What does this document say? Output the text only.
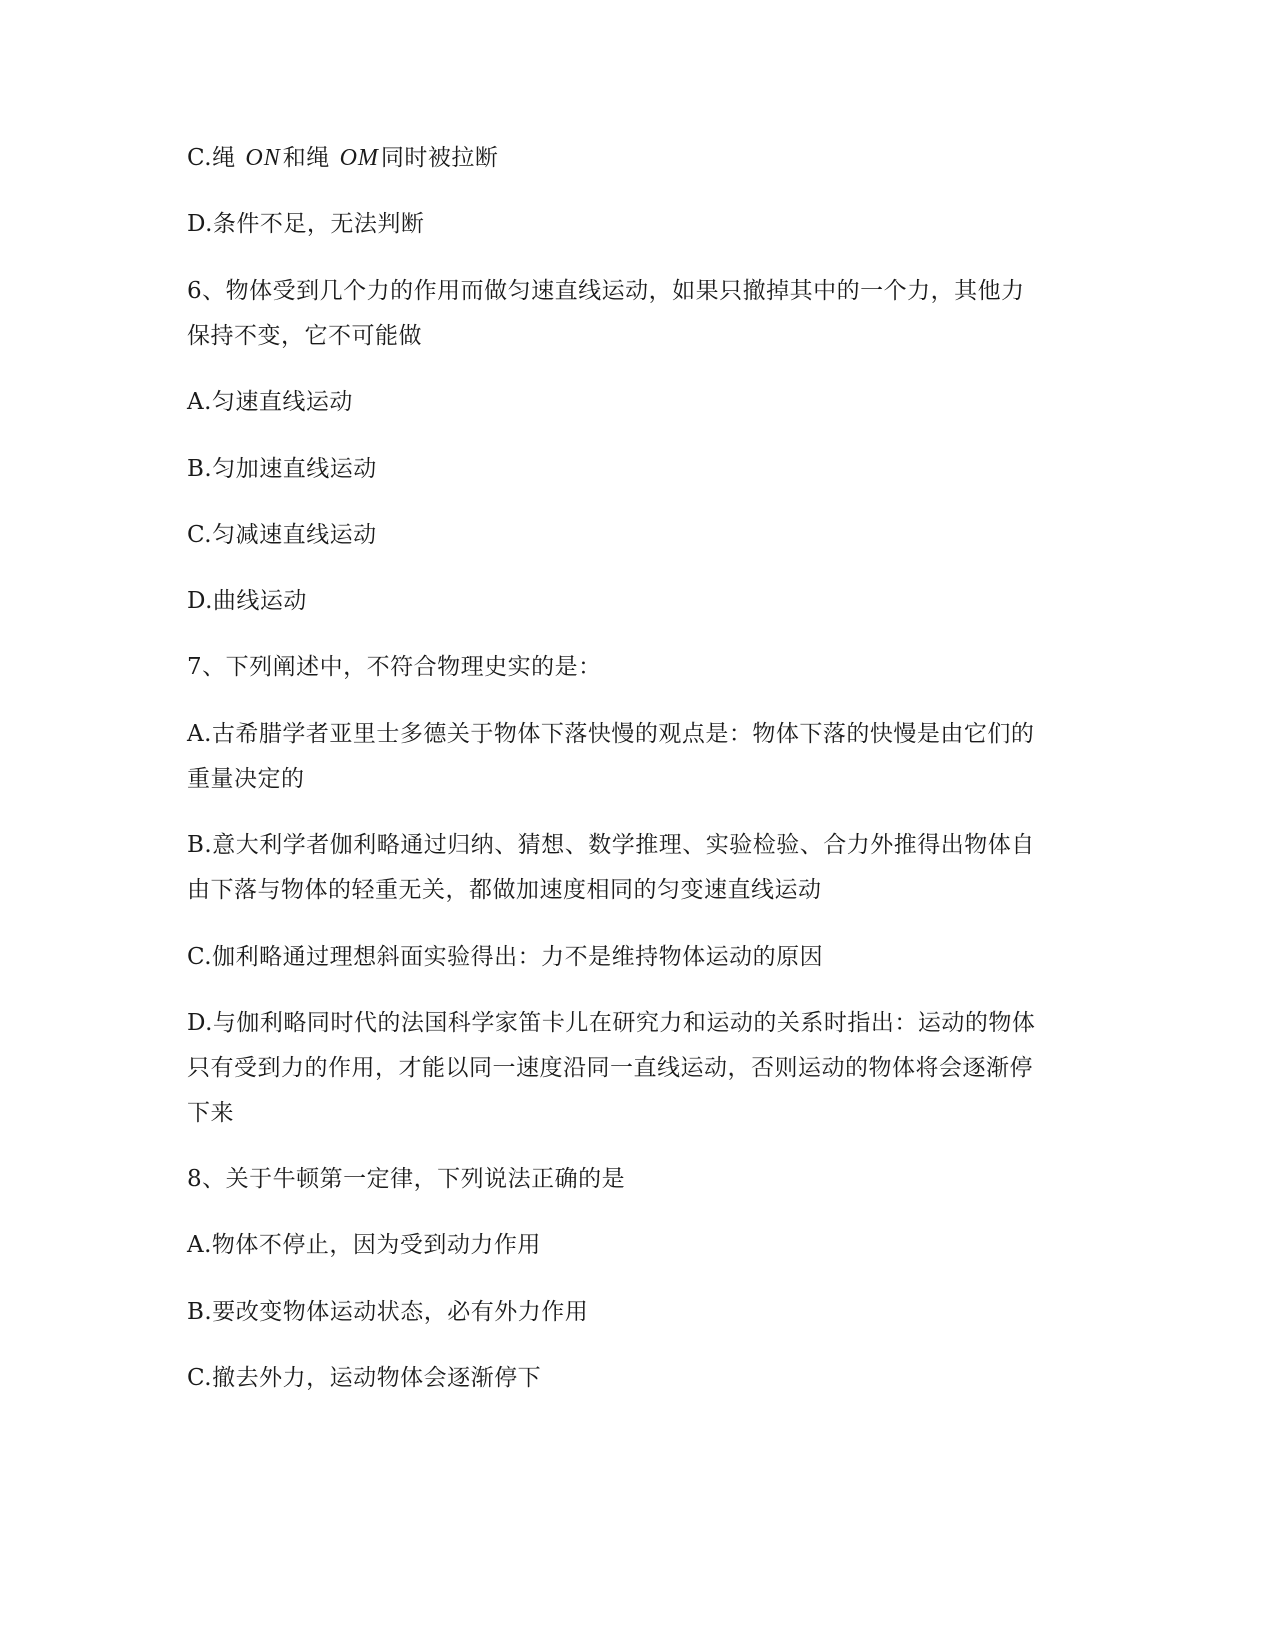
C.绳 ON和绳 OM同时被拉断
D.条件不足，无法判断
6、物体受到几个力的作用而做匀速直线运动，如果只撤掉其中的一个力，其他力
保持不变，它不可能做
A.匀速直线运动
B.匀加速直线运动
C.匀减速直线运动
D.曲线运动
7、下列阐述中，不符合物理史实的是：
A.古希腊学者亚里士多德关于物体下落快慢的观点是：物体下落的快慢是由它们的
重量决定的
B.意大利学者伽利略通过归纳、猜想、数学推理、实验检验、合力外推得出物体自
由下落与物体的轻重无关，都做加速度相同的匀变速直线运动
C.伽利略通过理想斜面实验得出：力不是维持物体运动的原因
D.与伽利略同时代的法国科学家笛卡儿在研究力和运动的关系时指出：运动的物体
只有受到力的作用，才能以同一速度沿同一直线运动，否则运动的物体将会逐渐停
下来
8、关于牛顿第一定律，下列说法正确的是
A.物体不停止，因为受到动力作用
B.要改变物体运动状态，必有外力作用
C.撤去外力，运动物体会逐渐停下
